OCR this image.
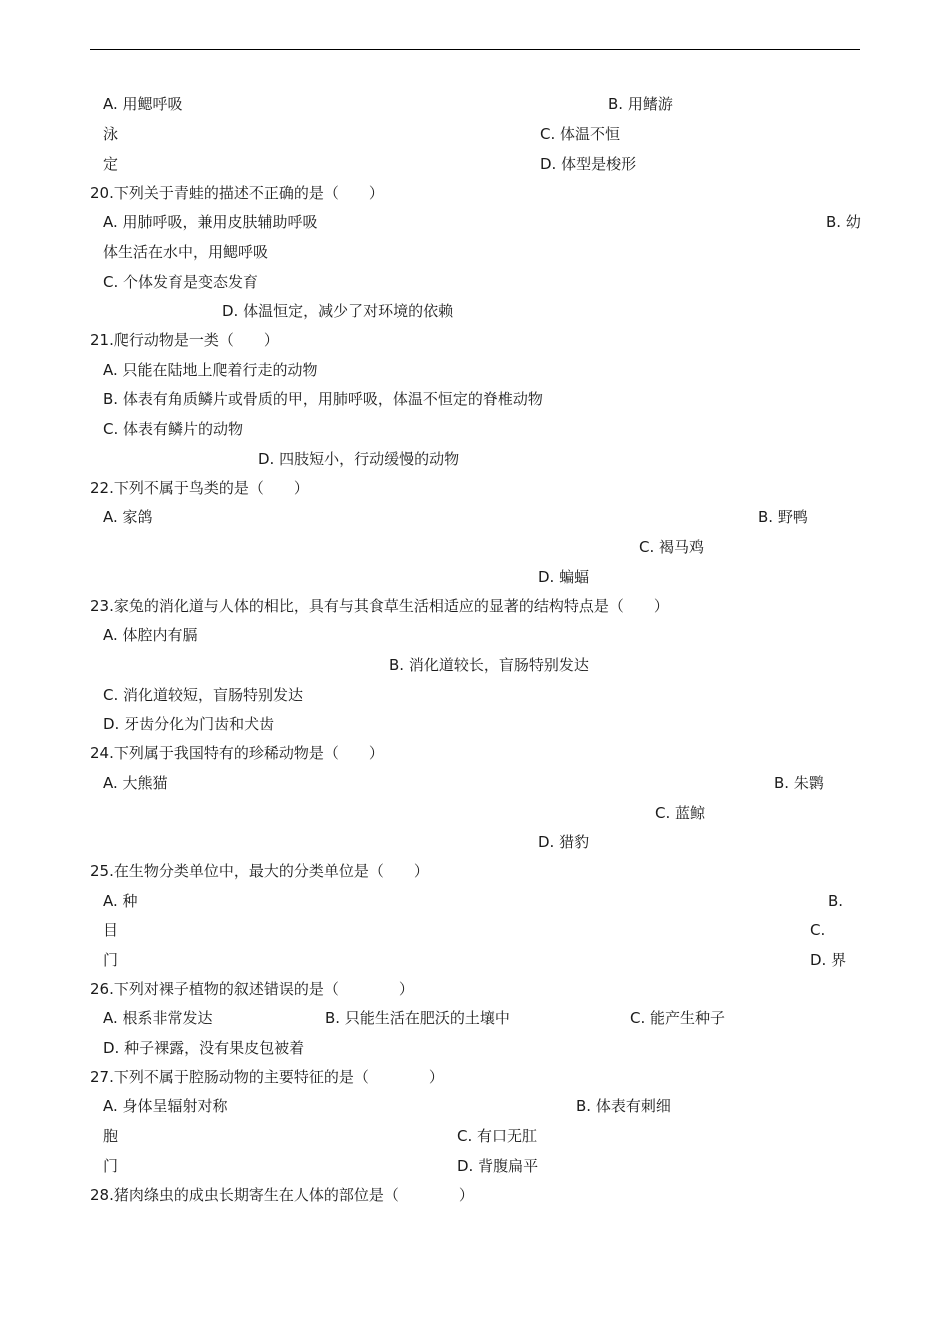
A. 用鳃呼吸	B. 用鳍游
泳	C. 体温不恒
定	D. 体型是梭形
20.下列关于青蛙的描述不正确的是（　　）
A. 用肺呼吸，兼用皮肤辅助呼吸	B. 幼
体生活在水中，用鳃呼吸
C. 个体发育是变态发育
D. 体温恒定，减少了对环境的依赖
21.爬行动物是一类（　　）
A. 只能在陆地上爬着行走的动物
B. 体表有角质鳞片或骨质的甲，用肺呼吸，体温不恒定的脊椎动物
C. 体表有鳞片的动物
D. 四肢短小，行动缓慢的动物
22.下列不属于鸟类的是（　　）
A. 家鸽	B. 野鸭
C. 褐马鸡
D. 蝙蝠
23.家兔的消化道与人体的相比，具有与其食草生活相适应的显著的结构特点是（　　）
A. 体腔内有膈
B. 消化道较长，盲肠特别发达
C. 消化道较短，盲肠特别发达
D. 牙齿分化为门齿和犬齿
24.下列属于我国特有的珍稀动物是（　　）
A. 大熊猫	B. 朱鹮
C. 蓝鲸
D. 猎豹
25.在生物分类单位中，最大的分类单位是（　　）
A. 种	B.
目	C.
门	D. 界
26.下列对裸子植物的叙述错误的是（　　　　）
A. 根系非常发达	B. 只能生活在肥沃的土壤中	C. 能产生种子
D. 种子裸露，没有果皮包被着
27.下列不属于腔肠动物的主要特征的是（　　　　）
A. 身体呈辐射对称	B. 体表有刺细
胞	C. 有口无肛
门	D. 背腹扁平
28.猪肉绦虫的成虫长期寄生在人体的部位是（　　　　）
